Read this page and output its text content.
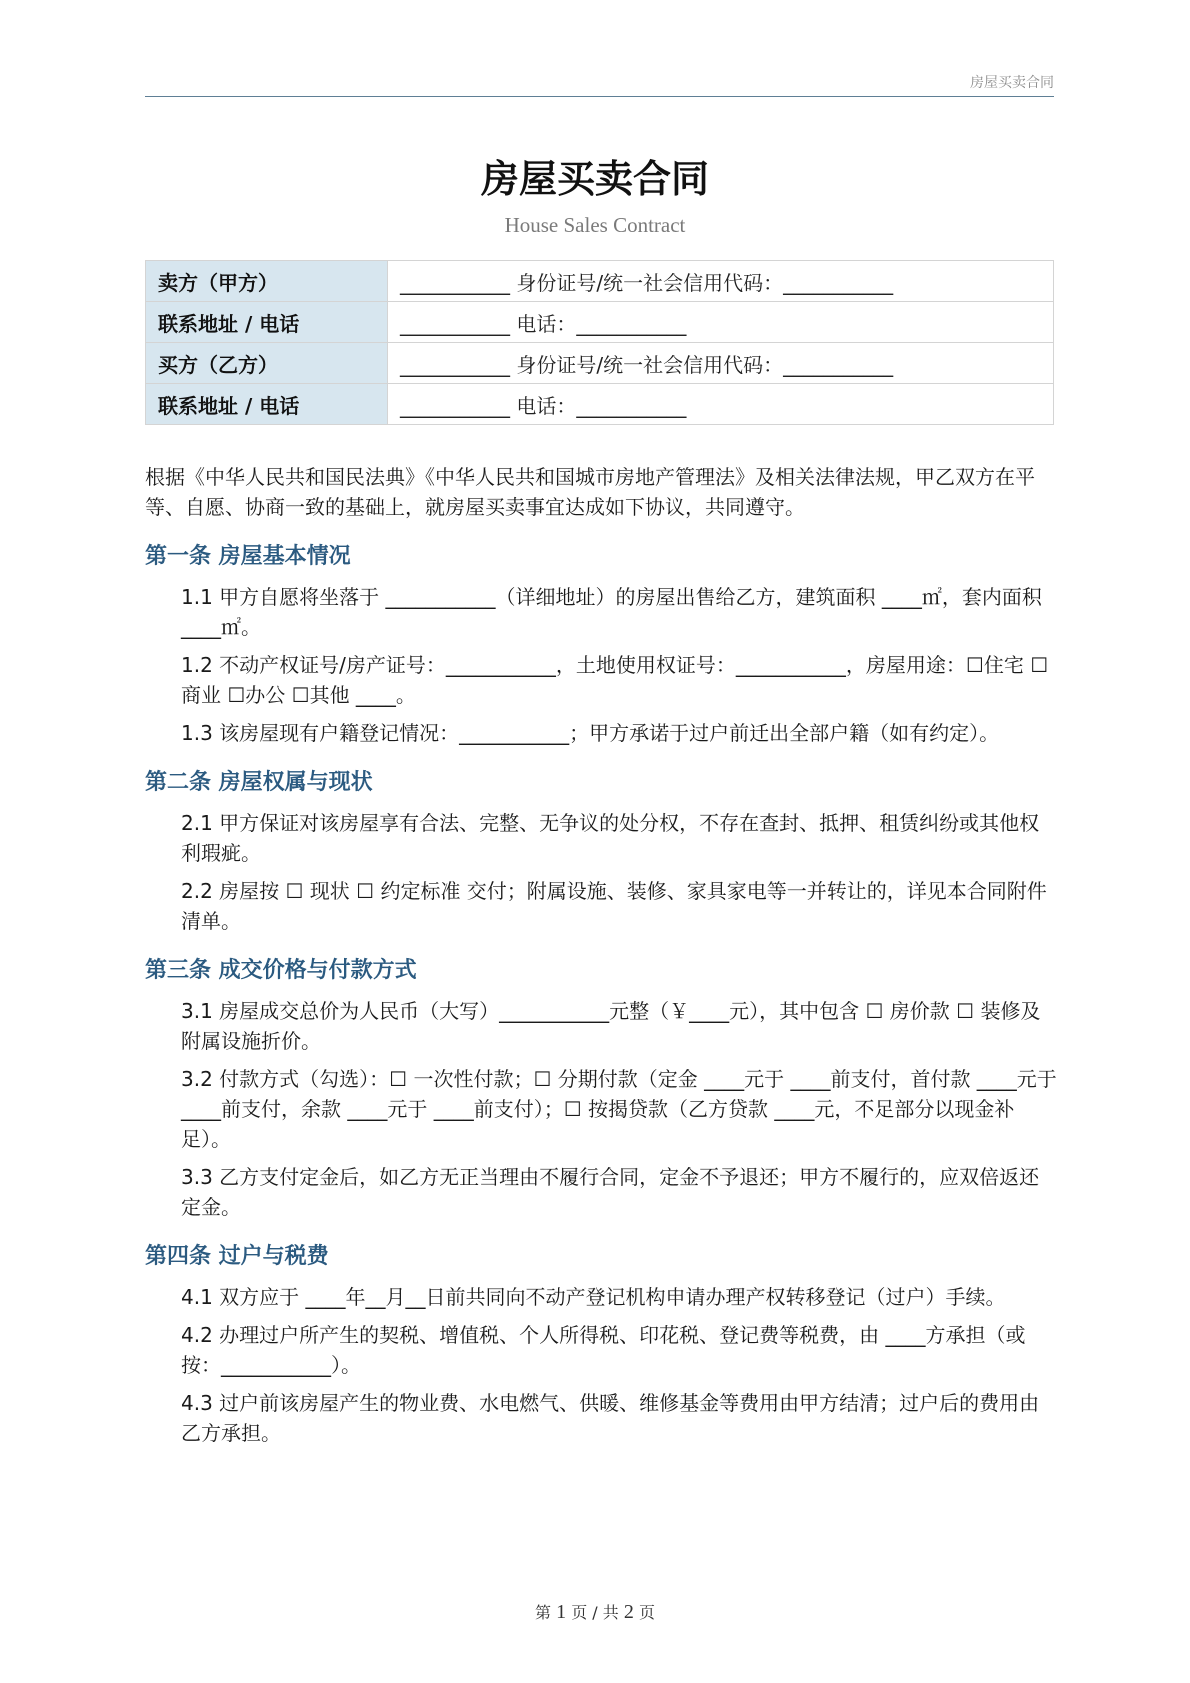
房屋买卖合同
房屋买卖合同
House Sales Contract
卖方（甲方）	___________ 身份证号/统一社会信用代码：___________
联系地址 / 电话	___________ 电话：___________
买方（乙方）	___________ 身份证号/统一社会信用代码：___________
联系地址 / 电话	___________ 电话：___________

根据《中华人民共和国民法典》《中华人民共和国城市房地产管理法》及相关法律法规，甲乙双方在平等、自愿、协商一致的基础上，就房屋买卖事宜达成如下协议，共同遵守。

第一条 房屋基本情况

1.1 甲方自愿将坐落于 ___________（详细地址）的房屋出售给乙方，建筑面积 ____㎡，套内面积 ____㎡。

1.2 不动产权证号/房产证号：___________，土地使用权证号：___________，房屋用途：☐住宅 ☐商业 ☐办公 ☐其他 ____。

1.3 该房屋现有户籍登记情况：___________；甲方承诺于过户前迁出全部户籍（如有约定）。

第二条 房屋权属与现状

2.1 甲方保证对该房屋享有合法、完整、无争议的处分权，不存在查封、抵押、租赁纠纷或其他权利瑕疵。

2.2 房屋按 ☐ 现状 ☐ 约定标准 交付；附属设施、装修、家具家电等一并转让的，详见本合同附件清单。

第三条 成交价格与付款方式

3.1 房屋成交总价为人民币（大写）___________元整（￥____元），其中包含 ☐ 房价款 ☐ 装修及附属设施折价。

3.2 付款方式（勾选）：☐ 一次性付款；☐ 分期付款（定金 ____元于 ____前支付，首付款 ____元于 ____前支付，余款 ____元于 ____前支付）；☐ 按揭贷款（乙方贷款 ____元，不足部分以现金补足）。

3.3 乙方支付定金后，如乙方无正当理由不履行合同，定金不予退还；甲方不履行的，应双倍返还定金。

第四条 过户与税费

4.1 双方应于 ____年__月__日前共同向不动产登记机构申请办理产权转移登记（过户）手续。

4.2 办理过户所产生的契税、增值税、个人所得税、印花税、登记费等税费，由 ____方承担（或按：___________）。

4.3 过户前该房屋产生的物业费、水电燃气、供暖、维修基金等费用由甲方结清；过户后的费用由乙方承担。

第 1 页 / 共 2 页
